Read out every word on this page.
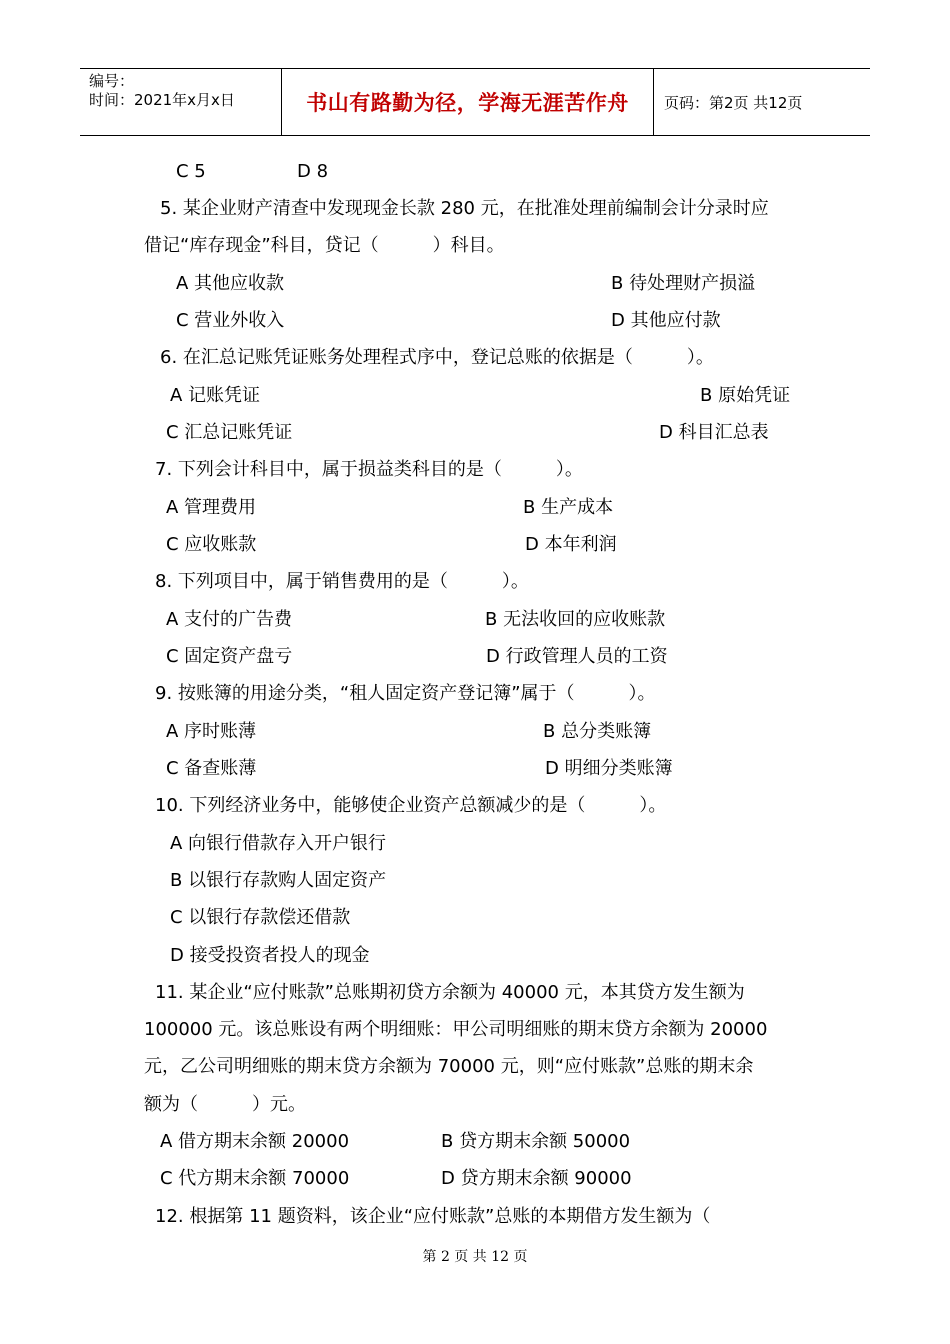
编号：
时间：2021年x月x日	书山有路勤为径，学海无涯苦作舟	页码：第2页 共12页
C 5	D 8
5. 某企业财产清查中发现现金长款 280 元，在批准处理前编制会计分录时应
借记“库存现金”科目，贷记（　　　）科目。
A 其他应收款	B 待处理财产损溢
C 营业外收入	D 其他应付款
6. 在汇总记账凭证账务处理程式序中，登记总账的依据是（　　　）。
A 记账凭证	B 原始凭证
C 汇总记账凭证	D 科目汇总表
7. 下列会计科目中，属于损益类科目的是（　　　）。
A 管理费用	B 生产成本
C 应收账款	D 本年利润
8. 下列项目中，属于销售费用的是（　　　）。
A 支付的广告费	B 无法收回的应收账款
C 固定资产盘亏	D 行政管理人员的工资
9. 按账簿的用途分类，“租人固定资产登记簿”属于（　　　）。
A 序时账薄	B 总分类账簿
C 备查账薄	D 明细分类账簿
10. 下列经济业务中，能够使企业资产总额减少的是（　　　）。
A 向银行借款存入开户银行
B 以银行存款购人固定资产
C 以银行存款偿还借款
D 接受投资者投人的现金
11. 某企业“应付账款”总账期初贷方余额为 40000 元，本其贷方发生额为
100000 元。该总账设有两个明细账：甲公司明细账的期末贷方余额为 20000
元，乙公司明细账的期末贷方余额为 70000 元，则“应付账款”总账的期末余
额为（　　　）元。
A 借方期末余额 20000	B 贷方期末余额 50000
C 代方期末余额 70000	D 贷方期末余额 90000
12. 根据第 11 题资料，该企业“应付账款”总账的本期借方发生额为（
第 2 页 共 12 页
